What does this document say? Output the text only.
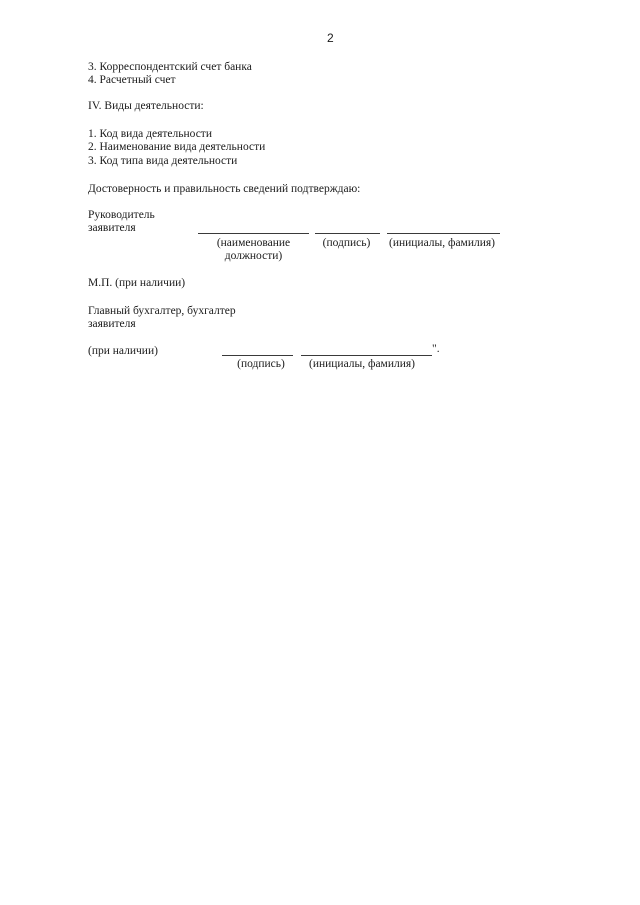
2
3. Корреспондентский счет банка
4. Расчетный счет
IV. Виды деятельности:
1. Код вида деятельности
2. Наименование вида деятельности
3. Код типа вида деятельности
Достоверность и правильность сведений подтверждаю:
Руководитель
заявителя
(наименование
должности)
(подпись)	(инициалы, фамилия)
М.П. (при наличии)
Главный бухгалтер, бухгалтер
заявителя
(при наличии)	".
(подпись)	(инициалы, фамилия)
